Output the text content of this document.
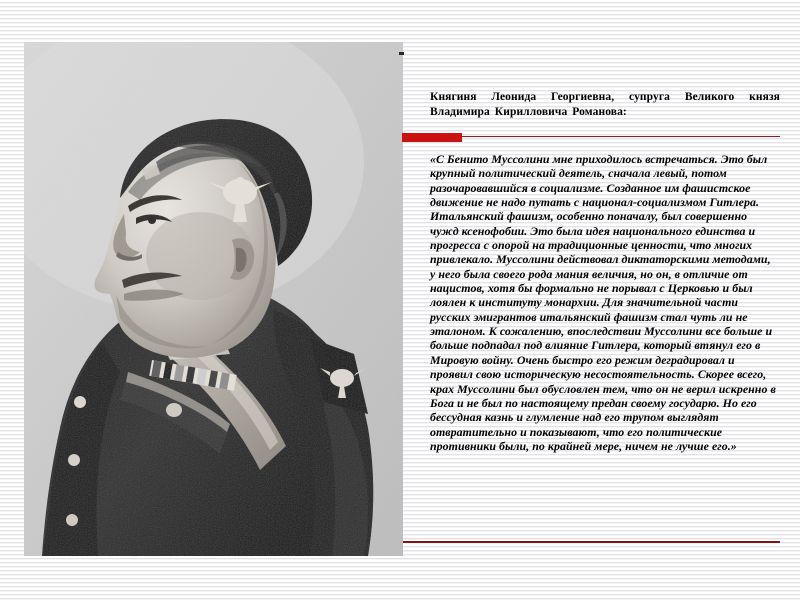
Княгиня Леонида Георгиевна, супруга Великого князя Владимира Кирилловича Романова:

«С Бенито Муссолини мне приходилось встречаться. Это был крупный политический деятель, сначала левый, потом разочаровавшийся в социализме. Созданное им фашистское движение не надо путать с национал-социализмом Гитлера. Итальянский фашизм, особенно поначалу, был совершенно чужд ксенофобии. Это была идея национального единства и прогресса с опорой на традиционные ценности, что многих привлекало. Муссолини действовал диктаторскими методами, у него была своего рода мания величия, но он, в отличие от нацистов, хотя бы формально не порывал с Церковью и был лоялен к институту монархии. Для значительной части русских эмигрантов итальянский фашизм стал чуть ли не эталоном. К сожалению, впоследствии Муссолини все больше и больше подпадал под влияние Гитлера, который втянул его в Мировую войну. Очень быстро его режим деградировал и проявил свою историческую несостоятельность. Скорее всего, крах Муссолини был обусловлен тем, что он не верил искренно в Бога и не был по настоящему предан своему государю. Но его бессудная казнь и глумление над его трупом выглядят отвратительно и показывают, что его политические противники были, по крайней мере, ничем не лучше его.»
